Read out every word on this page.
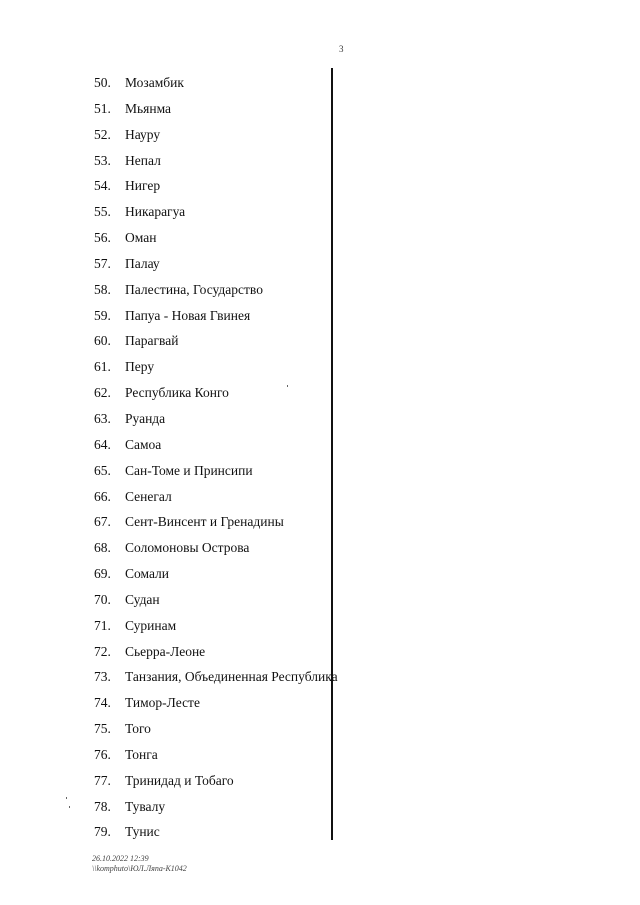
3
50. Мозамбик
51. Мьянма
52. Науру
53. Непал
54. Нигер
55. Никарагуа
56. Оман
57. Палау
58. Палестина, Государство
59. Папуа - Новая Гвинея
60. Парагвай
61. Перу
62. Республика Конго
63. Руанда
64. Самоа
65. Сан-Томе и Принсипи
66. Сенегал
67. Сент-Винсент и Гренадины
68. Соломоновы Острова
69. Сомали
70. Судан
71. Суринам
72. Сьерра-Леоне
73. Танзания, Объединенная Республика
74. Тимор-Лесте
75. Того
76. Тонга
77. Тринидад и Тобаго
78. Тувалу
79. Тунис
26.10.2022 12:39
\\komphuto\ЮЛ.Ляпа-К1042
